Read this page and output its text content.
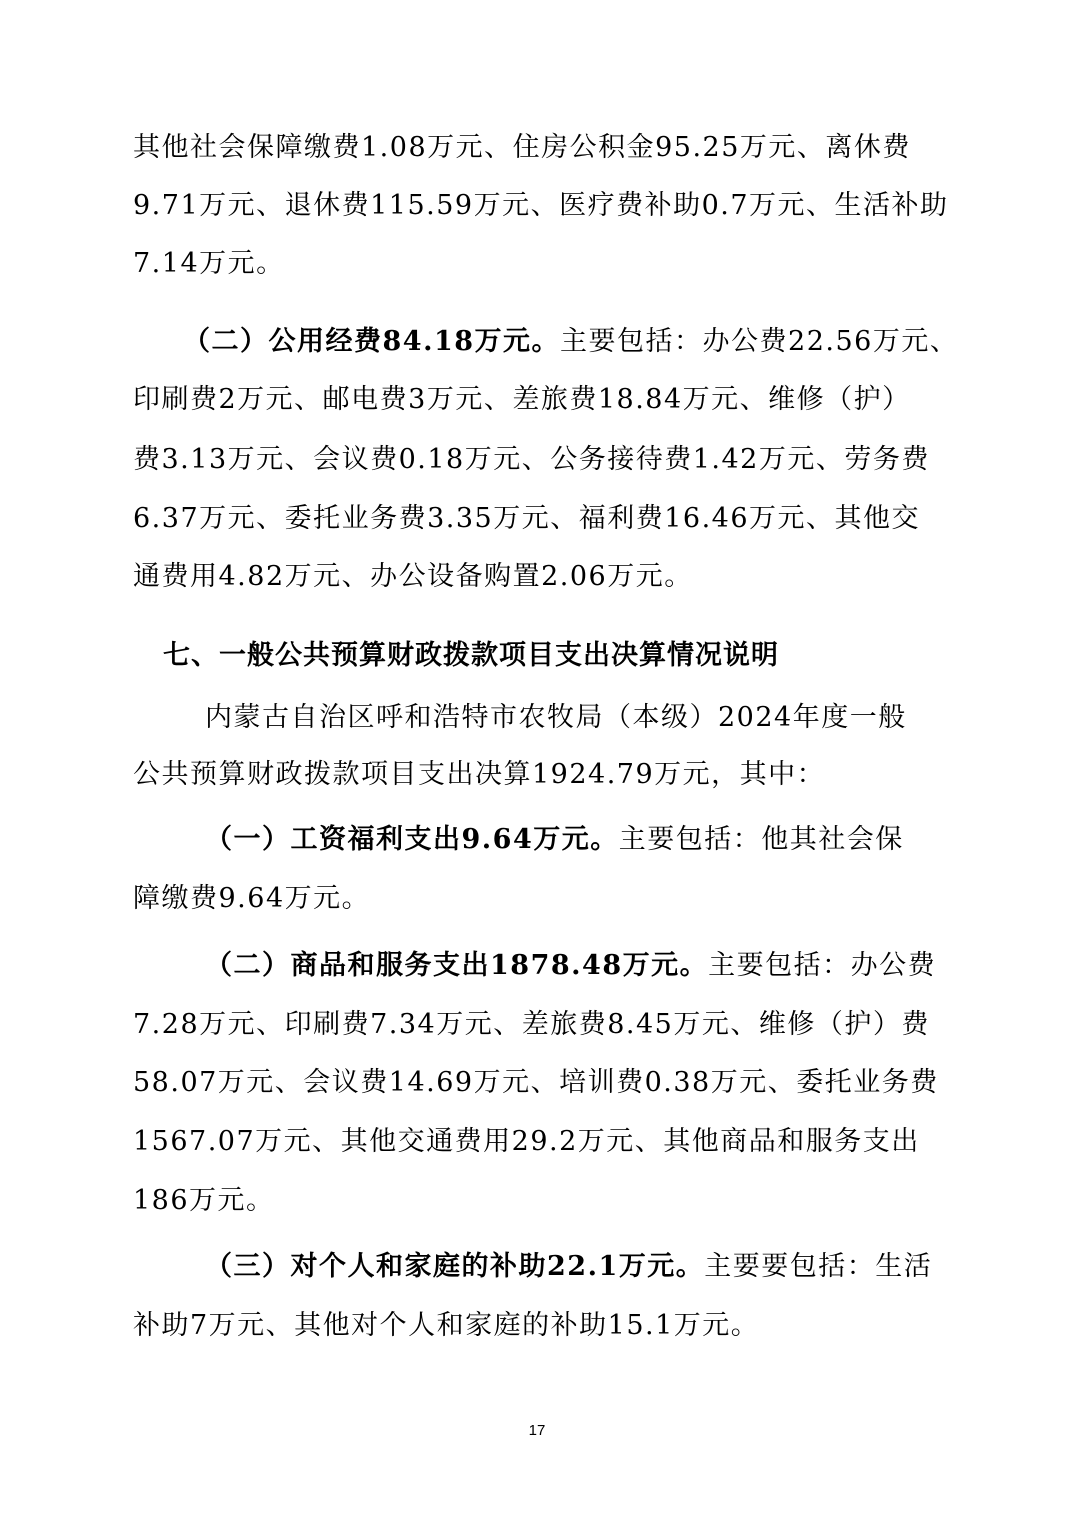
其他社会保障缴费1.08万元、住房公积金95.25万元、离休费
9.71万元、退休费115.59万元、医疗费补助0.7万元、生活补助
7.14万元。
（二）公用经费84.18万元。主要包括：办公费22.56万元、
印刷费2万元、邮电费3万元、差旅费18.84万元、维修（护）
费3.13万元、会议费0.18万元、公务接待费1.42万元、劳务费
6.37万元、委托业务费3.35万元、福利费16.46万元、其他交
通费用4.82万元、办公设备购置2.06万元。
七、一般公共预算财政拨款项目支出决算情况说明
内蒙古自治区呼和浩特市农牧局（本级）2024年度一般
公共预算财政拨款项目支出决算1924.79万元，其中：
（一）工资福利支出9.64万元。主要包括：他其社会保
障缴费9.64万元。
（二）商品和服务支出1878.48万元。主要包括：办公费
7.28万元、印刷费7.34万元、差旅费8.45万元、维修（护）费
58.07万元、会议费14.69万元、培训费0.38万元、委托业务费
1567.07万元、其他交通费用29.2万元、其他商品和服务支出
186万元。
（三）对个人和家庭的补助22.1万元。主要要包括：生活
补助7万元、其他对个人和家庭的补助15.1万元。
17
